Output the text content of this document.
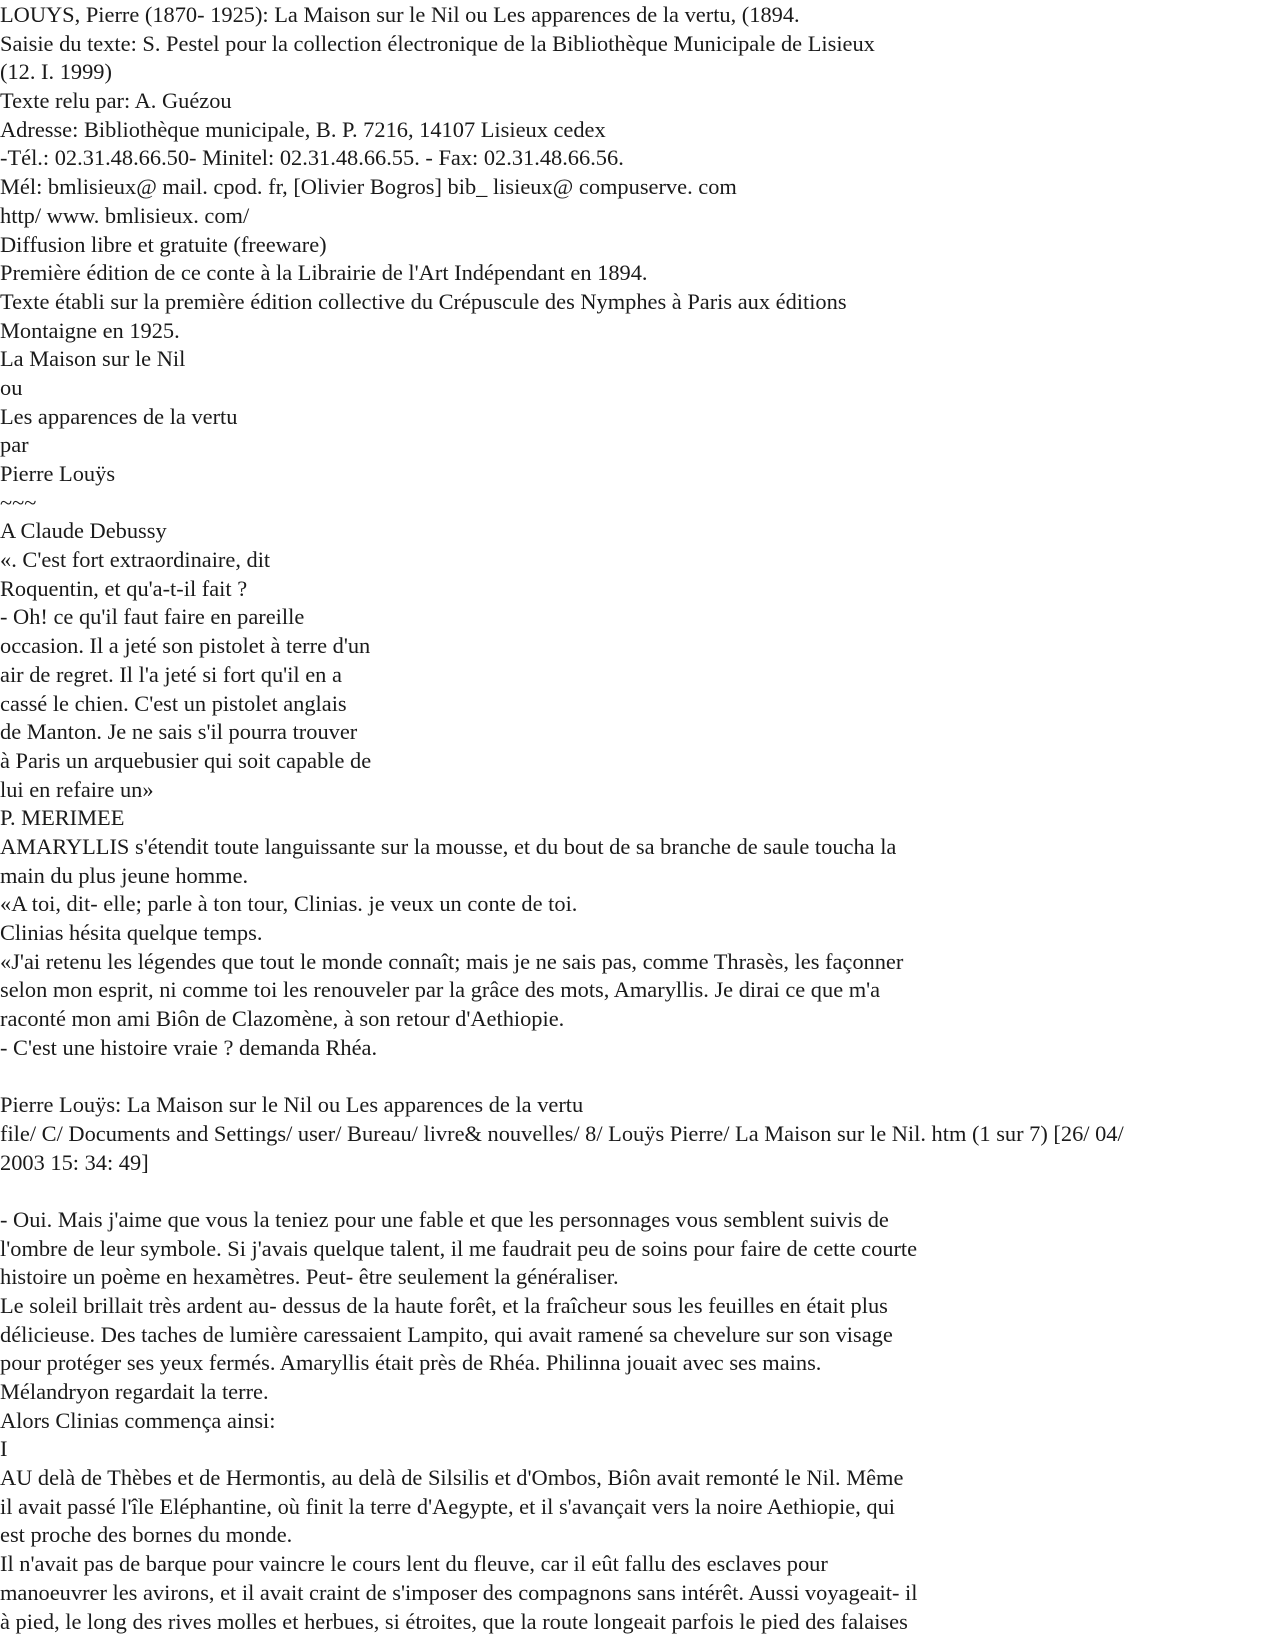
LOUYS, Pierre (1870- 1925): La Maison sur le Nil ou Les apparences de la vertu, (1894.
Saisie du texte: S. Pestel pour la collection électronique de la Bibliothèque Municipale de Lisieux
(12. I. 1999)
Texte relu par: A. Guézou
Adresse: Bibliothèque municipale, B. P. 7216, 14107 Lisieux cedex
-Tél.: 02.31.48.66.50- Minitel: 02.31.48.66.55. - Fax: 02.31.48.66.56.
Mél: bmlisieux@ mail. cpod. fr, [Olivier Bogros] bib_ lisieux@ compuserve. com
http/ www. bmlisieux. com/
Diffusion libre et gratuite (freeware)
Première édition de ce conte à la Librairie de l'Art Indépendant en 1894.
Texte établi sur la première édition collective du Crépuscule des Nymphes à Paris aux éditions
Montaigne en 1925.
La Maison sur le Nil
ou
Les apparences de la vertu
par
Pierre Louÿs
~~~
A Claude Debussy
«. C'est fort extraordinaire, dit
Roquentin, et qu'a-t-il fait ?
- Oh! ce qu'il faut faire en pareille
occasion. Il a jeté son pistolet à terre d'un
air de regret. Il l'a jeté si fort qu'il en a
cassé le chien. C'est un pistolet anglais
de Manton. Je ne sais s'il pourra trouver
à Paris un arquebusier qui soit capable de
lui en refaire un»
P. MERIMEE
AMARYLLIS s'étendit toute languissante sur la mousse, et du bout de sa branche de saule toucha la
main du plus jeune homme.
«A toi, dit- elle; parle à ton tour, Clinias. je veux un conte de toi.
Clinias hésita quelque temps.
«J'ai retenu les légendes que tout le monde connaît; mais je ne sais pas, comme Thrasès, les façonner
selon mon esprit, ni comme toi les renouveler par la grâce des mots, Amaryllis. Je dirai ce que m'a
raconté mon ami Biôn de Clazomène, à son retour d'Aethiopie.
- C'est une histoire vraie ? demanda Rhéa.
Pierre Louÿs: La Maison sur le Nil ou Les apparences de la vertu
file/ C/ Documents and Settings/ user/ Bureau/ livre& nouvelles/ 8/ Louÿs Pierre/ La Maison sur le Nil. htm (1 sur 7) [26/ 04/
2003 15: 34: 49]
- Oui. Mais j'aime que vous la teniez pour une fable et que les personnages vous semblent suivis de
l'ombre de leur symbole. Si j'avais quelque talent, il me faudrait peu de soins pour faire de cette courte
histoire un poème en hexamètres. Peut- être seulement la généraliser.
Le soleil brillait très ardent au- dessus de la haute forêt, et la fraîcheur sous les feuilles en était plus
délicieuse. Des taches de lumière caressaient Lampito, qui avait ramené sa chevelure sur son visage
pour protéger ses yeux fermés. Amaryllis était près de Rhéa. Philinna jouait avec ses mains.
Mélandryon regardait la terre.
Alors Clinias commença ainsi:
I
AU delà de Thèbes et de Hermontis, au delà de Silsilis et d'Ombos, Biôn avait remonté le Nil. Même
il avait passé l'île Eléphantine, où finit la terre d'Aegypte, et il s'avançait vers la noire Aethiopie, qui
est proche des bornes du monde.
Il n'avait pas de barque pour vaincre le cours lent du fleuve, car il eût fallu des esclaves pour
manoeuvrer les avirons, et il avait craint de s'imposer des compagnons sans intérêt. Aussi voyageait- il
à pied, le long des rives molles et herbues, si étroites, que la route longeait parfois le pied des falaises
